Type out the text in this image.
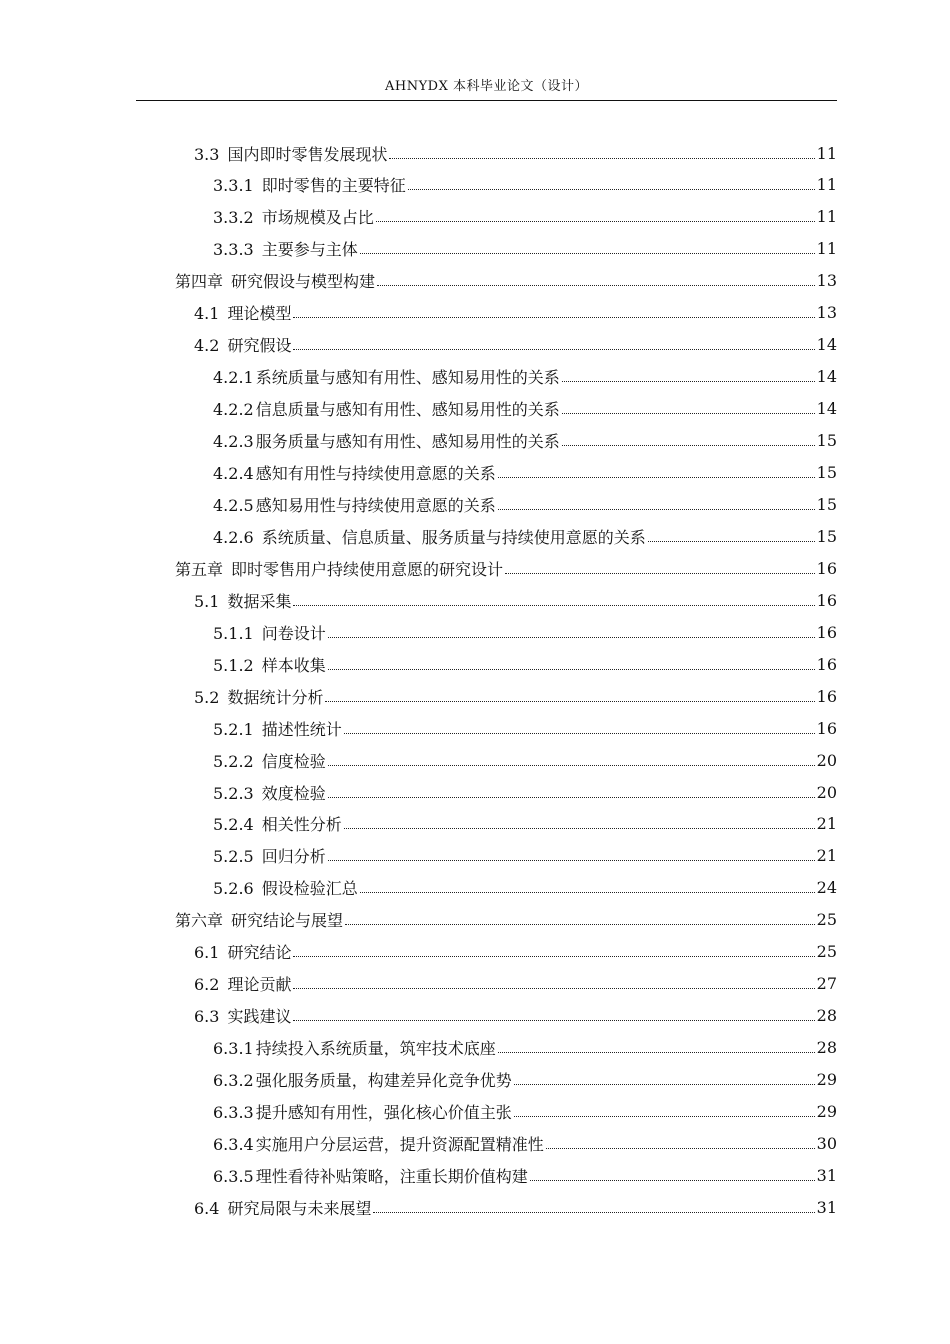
AHNYDX 本科毕业论文（设计）
3.3 国内即时零售发展现状	11
3.3.1 即时零售的主要特征	11
3.3.2 市场规模及占比	11
3.3.3 主要参与主体	11
第四章 研究假设与模型构建	13
4.1 理论模型	13
4.2 研究假设	14
4.2.1 系统质量与感知有用性、感知易用性的关系	14
4.2.2 信息质量与感知有用性、感知易用性的关系	14
4.2.3 服务质量与感知有用性、感知易用性的关系	15
4.2.4 感知有用性与持续使用意愿的关系	15
4.2.5 感知易用性与持续使用意愿的关系	15
4.2.6 系统质量、信息质量、服务质量与持续使用意愿的关系	15
第五章 即时零售用户持续使用意愿的研究设计	16
5.1 数据采集	16
5.1.1 问卷设计	16
5.1.2 样本收集	16
5.2 数据统计分析	16
5.2.1 描述性统计	16
5.2.2 信度检验	20
5.2.3 效度检验	20
5.2.4 相关性分析	21
5.2.5 回归分析	21
5.2.6 假设检验汇总	24
第六章 研究结论与展望	25
6.1 研究结论	25
6.2 理论贡献	27
6.3 实践建议	28
6.3.1 持续投入系统质量，筑牢技术底座	28
6.3.2 强化服务质量，构建差异化竞争优势	29
6.3.3 提升感知有用性，强化核心价值主张	29
6.3.4 实施用户分层运营，提升资源配置精准性	30
6.3.5 理性看待补贴策略，注重长期价值构建	31
6.4 研究局限与未来展望	31
